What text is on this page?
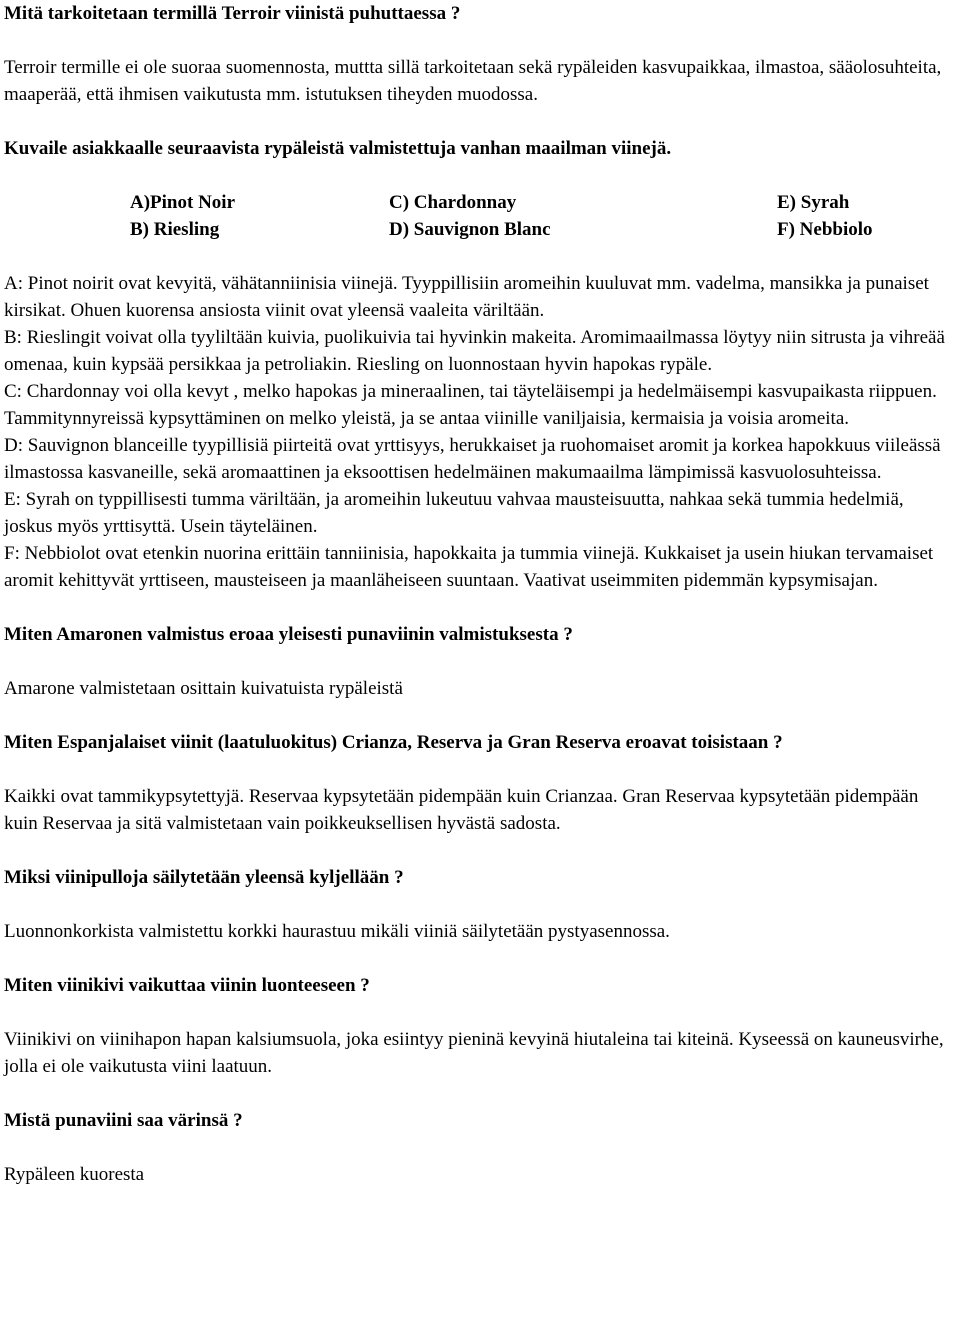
Mitä tarkoitetaan termillä Terroir viinistä puhuttaessa ?

Terroir termille ei ole suoraa suomennosta, muttta sillä tarkoitetaan sekä rypäleiden kasvupaikkaa, ilmastoa, sääolosuhteita, maaperää, että ihmisen vaikutusta mm. istutuksen tiheyden muodossa.

Kuvaile asiakkaalle seuraavista rypäleistä valmistettuja vanhan maailman viinejä.

A)Pinot Noir
B) Riesling
C) Chardonnay
D) Sauvignon Blanc
E) Syrah
F) Nebbiolo

A: Pinot noirit ovat kevyitä, vähätanniinisia viinejä. Tyyppillisiin aromeihin kuuluvat mm. vadelma, mansikka ja punaiset kirsikat. Ohuen kuorensa ansiosta viinit ovat yleensä vaaleita väriltään.

B: Rieslingit voivat olla tyyliltään kuivia, puolikuivia tai hyvinkin makeita. Aromimaailmassa löytyy niin sitrusta ja vihreää omenaa, kuin kypsää persikkaa ja petroliakin. Riesling on luonnostaan hyvin hapokas rypäle.

C: Chardonnay voi olla kevyt , melko hapokas ja mineraalinen, tai täyteläisempi ja hedelmäisempi kasvupaikasta riippuen. Tammitynnyreissä kypsyttäminen on melko yleistä, ja se antaa viinille vaniljaisia, kermaisia ja voisia aromeita.

D: Sauvignon blanceille tyypillisiä piirteitä ovat yrttisyys, herukkaiset ja ruohomaiset aromit ja korkea hapokkuus viileässä ilmastossa kasvaneille, sekä aromaattinen ja eksoottisen hedelmäinen makumaailma lämpimissä kasvuolosuhteissa.

E: Syrah on typpillisesti tumma väriltään, ja aromeihin lukeutuu vahvaa mausteisuutta, nahkaa sekä tummia hedelmiä, joskus myös yrttisyttä. Usein täyteläinen.

F: Nebbiolot ovat etenkin nuorina erittäin tanniinisia, hapokkaita ja tummia viinejä. Kukkaiset ja usein hiukan tervamaiset aromit kehittyvät yrttiseen, mausteiseen ja maanläheiseen suuntaan. Vaativat useimmiten pidemmän kypsymisajan.

Miten Amaronen valmistus eroaa yleisesti punaviinin valmistuksesta ?

Amarone valmistetaan osittain kuivatuista rypäleistä

Miten Espanjalaiset viinit (laatuluokitus) Crianza, Reserva ja Gran Reserva eroavat toisistaan ?

Kaikki ovat tammikypsytettyjä. Reservaa kypsytetään pidempään kuin Crianzaa. Gran Reservaa kypsytetään pidempään kuin Reservaa ja sitä valmistetaan vain poikkeuksellisen hyvästä sadosta.

Miksi viinipulloja säilytetään yleensä kyljellään ?

Luonnonkorkista valmistettu korkki haurastuu mikäli viiniä säilytetään pystyasennossa.

Miten viinikivi vaikuttaa viinin luonteeseen ?

Viinikivi on viinihapon hapan kalsiumsuola, joka esiintyy pieninä kevyinä hiutaleina tai kiteinä. Kyseessä on kauneusvirhe, jolla ei ole vaikutusta viini laatuun.

Mistä punaviini saa värinsä ?

Rypäleen kuoresta
